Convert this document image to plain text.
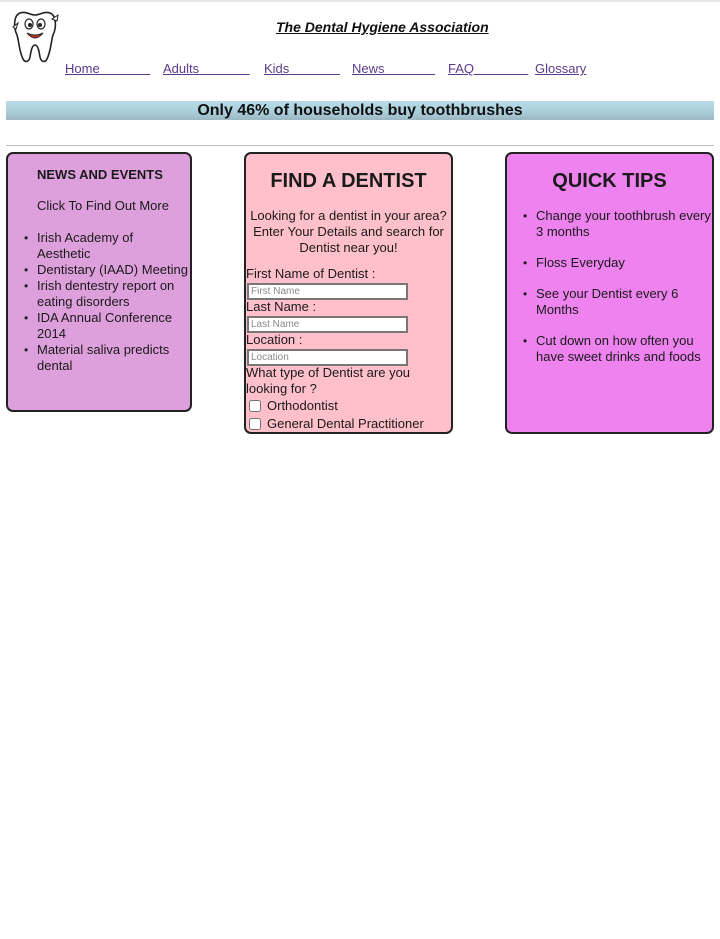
The Dental Hygiene Association
Home	Adults	Kids	News	FAQ	Glossary
Only 46% of households buy toothbrushes
NEWS AND EVENTS
Click To Find Out More
• Irish Academy of Aesthetic
• Dentistary (IAAD) Meeting
• Irish dentestry report on eating disorders
• IDA Annual Conference 2014
• Material saliva predicts dental
FIND A DENTIST
Looking for a dentist in your area? Enter Your Details and search for Dentist near you!
First Name of Dentist :
First Name
Last Name :
Last Name
Location :
Location
What type of Dentist are you looking for ?
Orthodontist
General Dental Practitioner
QUICK TIPS
• Change your toothbrush every 3 months
• Floss Everyday
• See your Dentist every 6 Months
• Cut down on how often you have sweet drinks and foods
